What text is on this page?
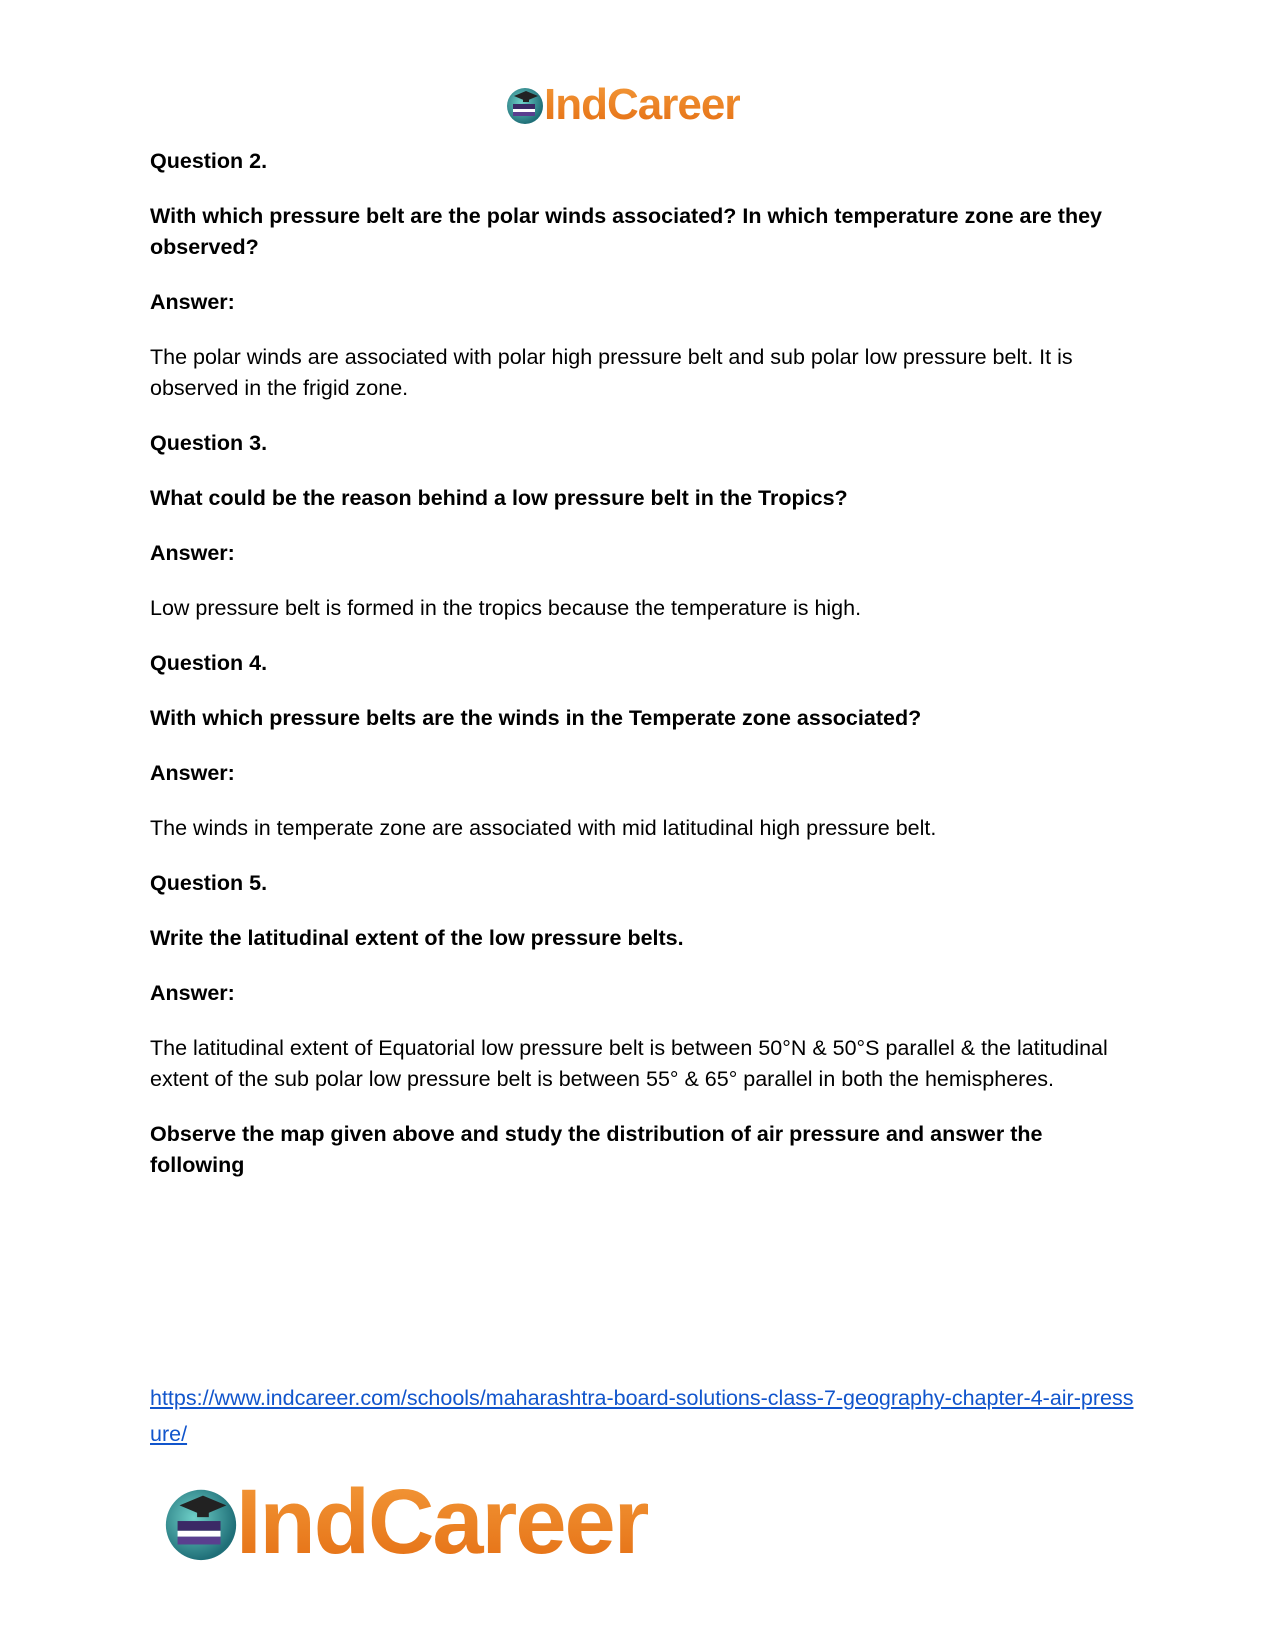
IndCareer

Question 2.

With which pressure belt are the polar winds associated? In which temperature zone are they observed?

Answer:

The polar winds are associated with polar high pressure belt and sub polar low pressure belt. It is observed in the frigid zone.

Question 3.

What could be the reason behind a low pressure belt in the Tropics?

Answer:

Low pressure belt is formed in the tropics because the temperature is high.

Question 4.

With which pressure belts are the winds in the Temperate zone associated?

Answer:

The winds in temperate zone are associated with mid latitudinal high pressure belt.

Question 5.

Write the latitudinal extent of the low pressure belts.

Answer:

The latitudinal extent of Equatorial low pressure belt is between 50°N & 50°S parallel & the latitudinal extent of the sub polar low pressure belt is between 55° & 65° parallel in both the hemispheres.

Observe the map given above and study the distribution of air pressure and answer the following

https://www.indcareer.com/schools/maharashtra-board-solutions-class-7-geography-chapter-4-air-pressure/
IndCareer
